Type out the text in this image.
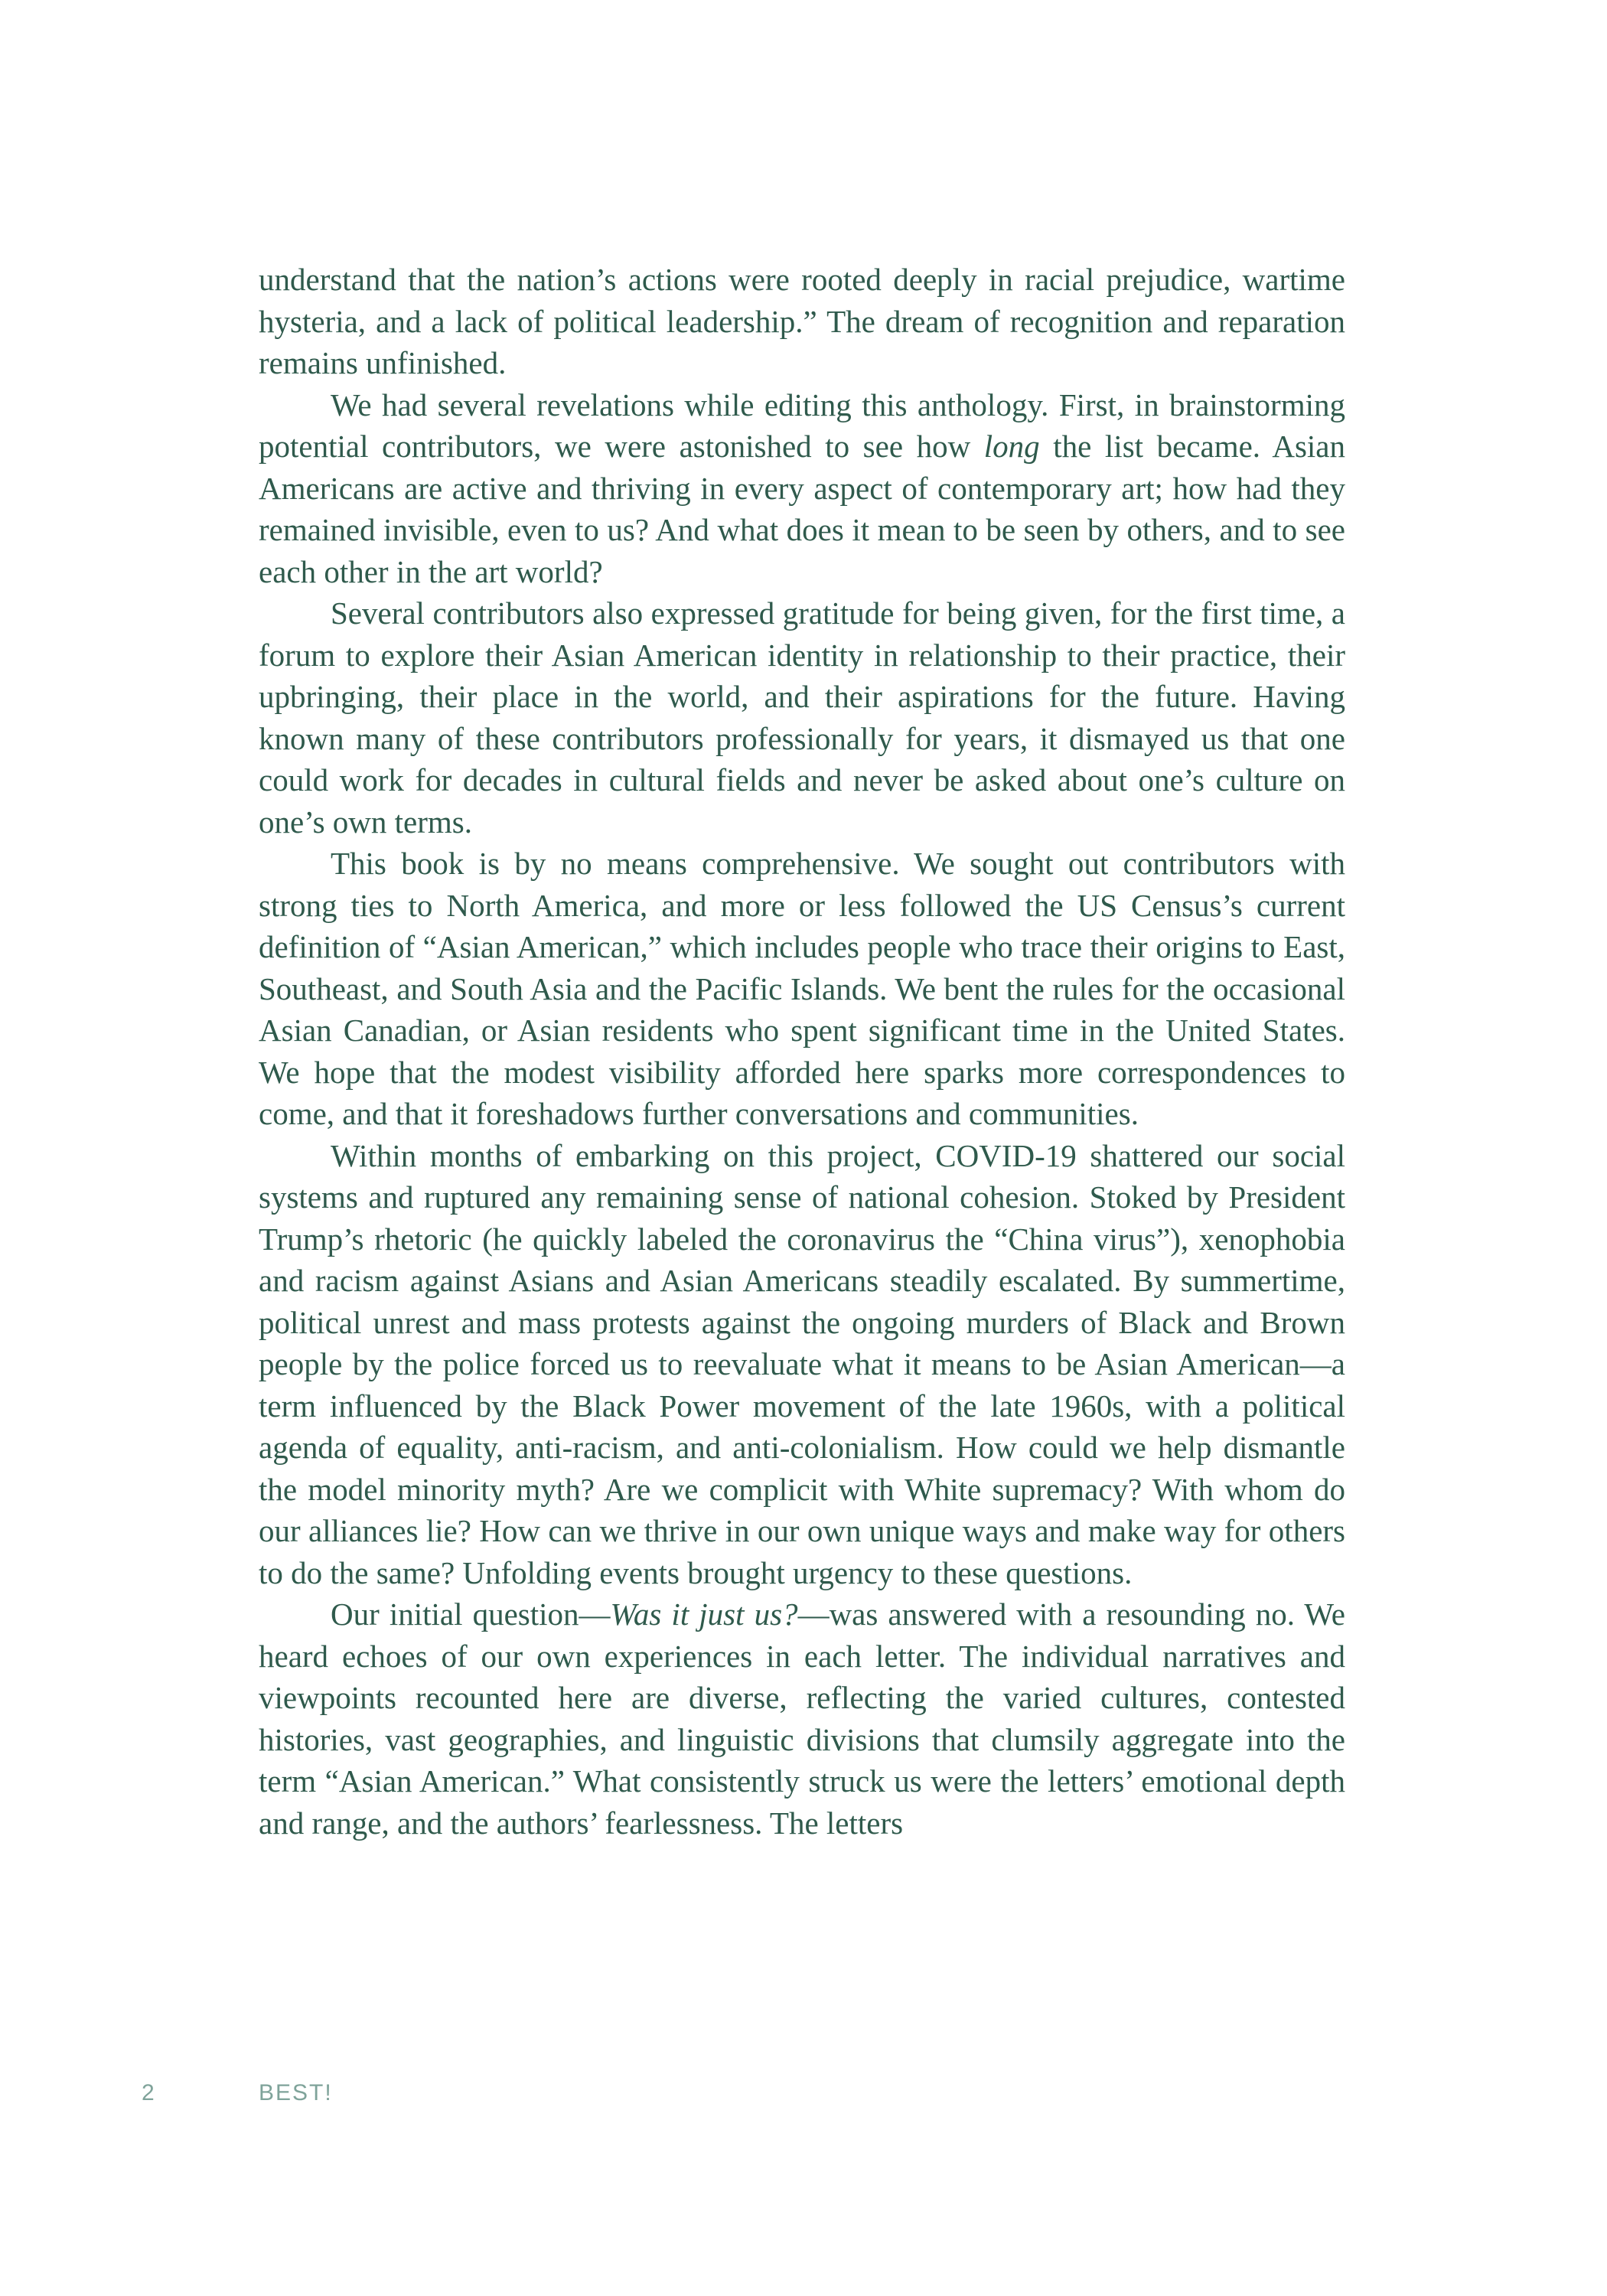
understand that the nation’s actions were rooted deeply in racial prejudice, wartime hysteria, and a lack of political leadership.” The dream of recognition and reparation remains unfinished.

We had several revelations while editing this anthology. First, in brainstorming potential contributors, we were astonished to see how long the list became. Asian Americans are active and thriving in every aspect of contemporary art; how had they remained invisible, even to us? And what does it mean to be seen by others, and to see each other in the art world?

Several contributors also expressed gratitude for being given, for the first time, a forum to explore their Asian American identity in relationship to their practice, their upbringing, their place in the world, and their aspirations for the future. Having known many of these contributors professionally for years, it dismayed us that one could work for decades in cultural fields and never be asked about one’s culture on one’s own terms.

This book is by no means comprehensive. We sought out contributors with strong ties to North America, and more or less followed the US Census’s current definition of “Asian American,” which includes people who trace their origins to East, Southeast, and South Asia and the Pacific Islands. We bent the rules for the occasional Asian Canadian, or Asian residents who spent significant time in the United States. We hope that the modest visibility afforded here sparks more correspondences to come, and that it foreshadows further conversations and communities.

Within months of embarking on this project, COVID-19 shattered our social systems and ruptured any remaining sense of national cohesion. Stoked by President Trump’s rhetoric (he quickly labeled the coronavirus the “China virus”), xenophobia and racism against Asians and Asian Americans steadily escalated. By summertime, political unrest and mass protests against the ongoing murders of Black and Brown people by the police forced us to reevaluate what it means to be Asian American—a term influenced by the Black Power movement of the late 1960s, with a political agenda of equality, anti-racism, and anti-colonialism. How could we help dismantle the model minority myth? Are we complicit with White supremacy? With whom do our alliances lie? How can we thrive in our own unique ways and make way for others to do the same? Unfolding events brought urgency to these questions.

Our initial question—Was it just us?—was answered with a resounding no. We heard echoes of our own experiences in each letter. The individual narratives and viewpoints recounted here are diverse, reflecting the varied cultures, contested histories, vast geographies, and linguistic divisions that clumsily aggregate into the term “Asian American.” What consistently struck us were the letters’ emotional depth and range, and the authors’ fearlessness. The letters

2	BEST!
